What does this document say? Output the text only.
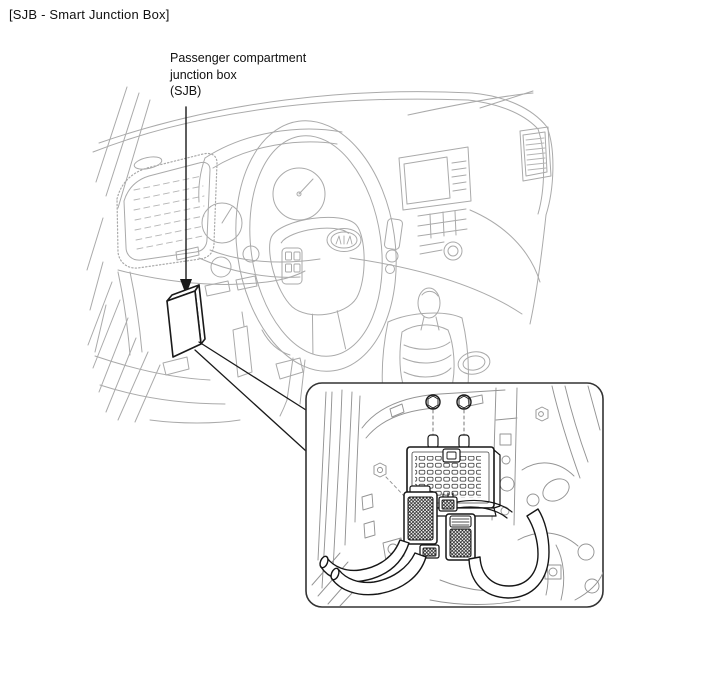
[SJB - Smart Junction Box]
Passenger compartment
junction box
(SJB)
